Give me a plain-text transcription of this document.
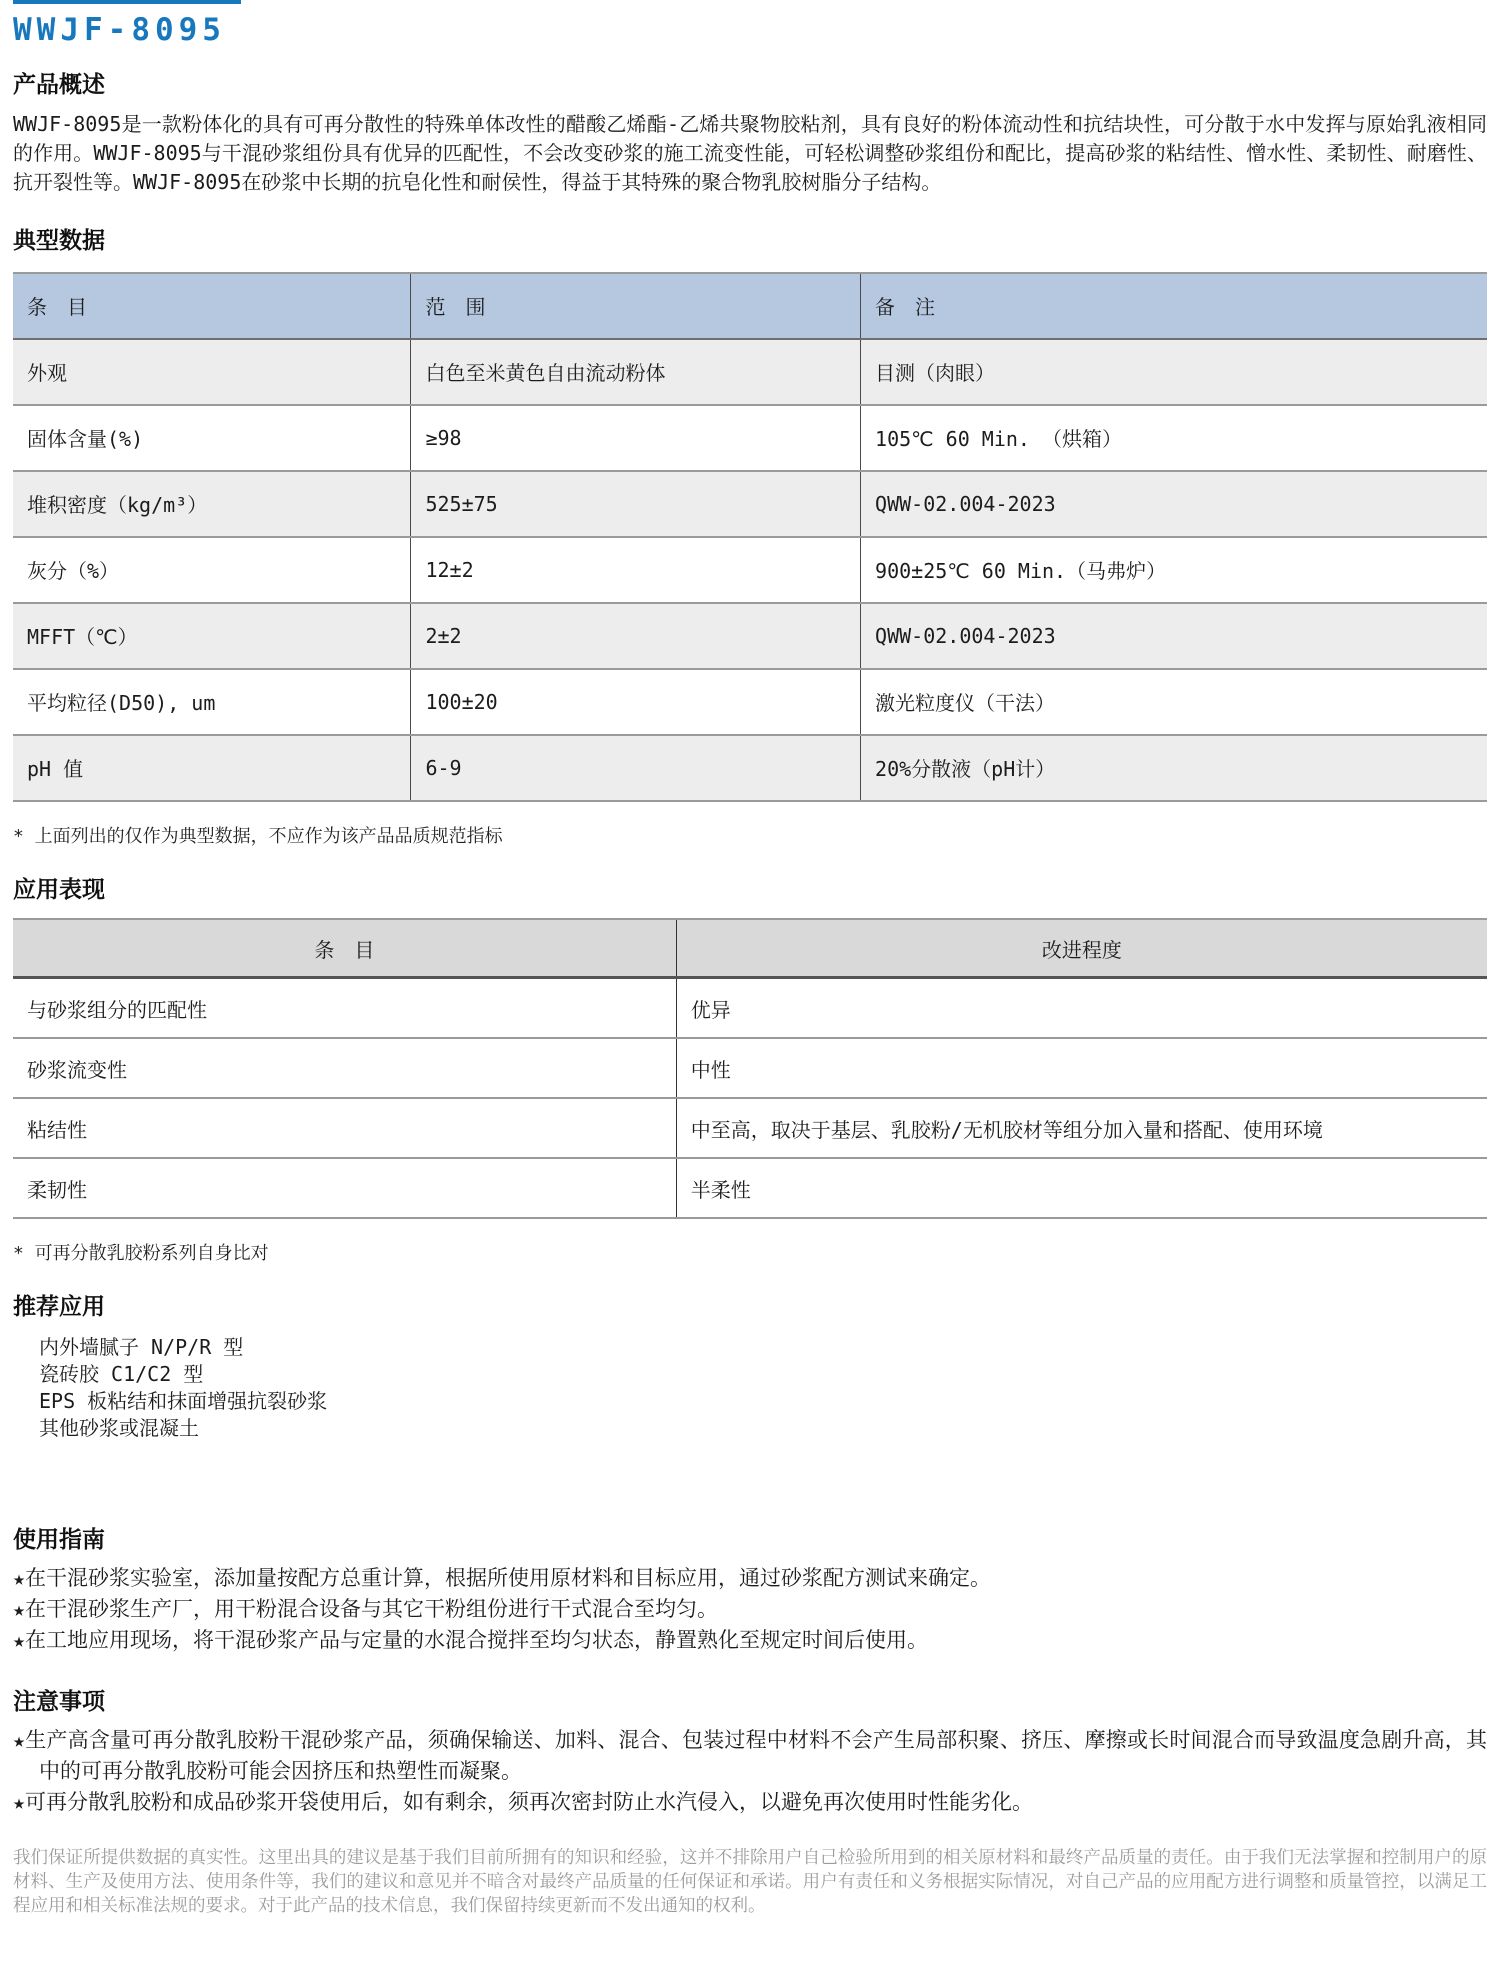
WWJF-8095
产品概述

WWJF-8095是一款粉体化的具有可再分散性的特殊单体改性的醋酸乙烯酯-乙烯共聚物胶粘剂，具有良好的粉体流动性和抗结块性，可分散于水中发挥与原始乳液相同的作用。WWJF-8095与干混砂浆组份具有优异的匹配性，不会改变砂浆的施工流变性能，可轻松调整砂浆组份和配比，提高砂浆的粘结性、憎水性、柔韧性、耐磨性、抗开裂性等。WWJF-8095在砂浆中长期的抗皂化性和耐侯性，得益于其特殊的聚合物乳胶树脂分子结构。

典型数据
条　目	范　围	备　注
外观	白色至米黄色自由流动粉体	目测（肉眼）
固体含量(%)	≥98	105℃ 60 Min. （烘箱）
堆积密度（kg/m³）	525±75	QWW-02.004-2023
灰分（%）	12±2	900±25℃ 60 Min.（马弗炉）
MFFT（℃）	2±2	QWW-02.004-2023
平均粒径(D50), um	100±20	激光粒度仪（干法）
pH 值	6-9	20%分散液（pH计）
* 上面列出的仅作为典型数据，不应作为该产品品质规范指标
应用表现
条　目	改进程度
与砂浆组分的匹配性	优异
砂浆流变性	中性
粘结性	中至高，取决于基层、乳胶粉/无机胶材等组分加入量和搭配、使用环境
柔韧性	半柔性
* 可再分散乳胶粉系列自身比对
推荐应用
内外墙腻子 N/P/R 型
瓷砖胶 C1/C2 型
EPS 板粘结和抹面增强抗裂砂浆
其他砂浆或混凝土
使用指南
★在干混砂浆实验室，添加量按配方总重计算，根据所使用原材料和目标应用，通过砂浆配方测试来确定。
★在干混砂浆生产厂，用干粉混合设备与其它干粉组份进行干式混合至均匀。
★在工地应用现场，将干混砂浆产品与定量的水混合搅拌至均匀状态，静置熟化至规定时间后使用。
注意事项
★生产高含量可再分散乳胶粉干混砂浆产品，须确保输送、加料、混合、包装过程中材料不会产生局部积聚、挤压、摩擦或长时间混合而导致温度急剧升高，其中的可再分散乳胶粉可能会因挤压和热塑性而凝聚。
★可再分散乳胶粉和成品砂浆开袋使用后，如有剩余，须再次密封防止水汽侵入，以避免再次使用时性能劣化。

我们保证所提供数据的真实性。这里出具的建议是基于我们目前所拥有的知识和经验，这并不排除用户自己检验所用到的相关原材料和最终产品质量的责任。由于我们无法掌握和控制用户的原材料、生产及使用方法、使用条件等，我们的建议和意见并不暗含对最终产品质量的任何保证和承诺。用户有责任和义务根据实际情况，对自己产品的应用配方进行调整和质量管控，以满足工程应用和相关标准法规的要求。对于此产品的技术信息，我们保留持续更新而不发出通知的权利。
